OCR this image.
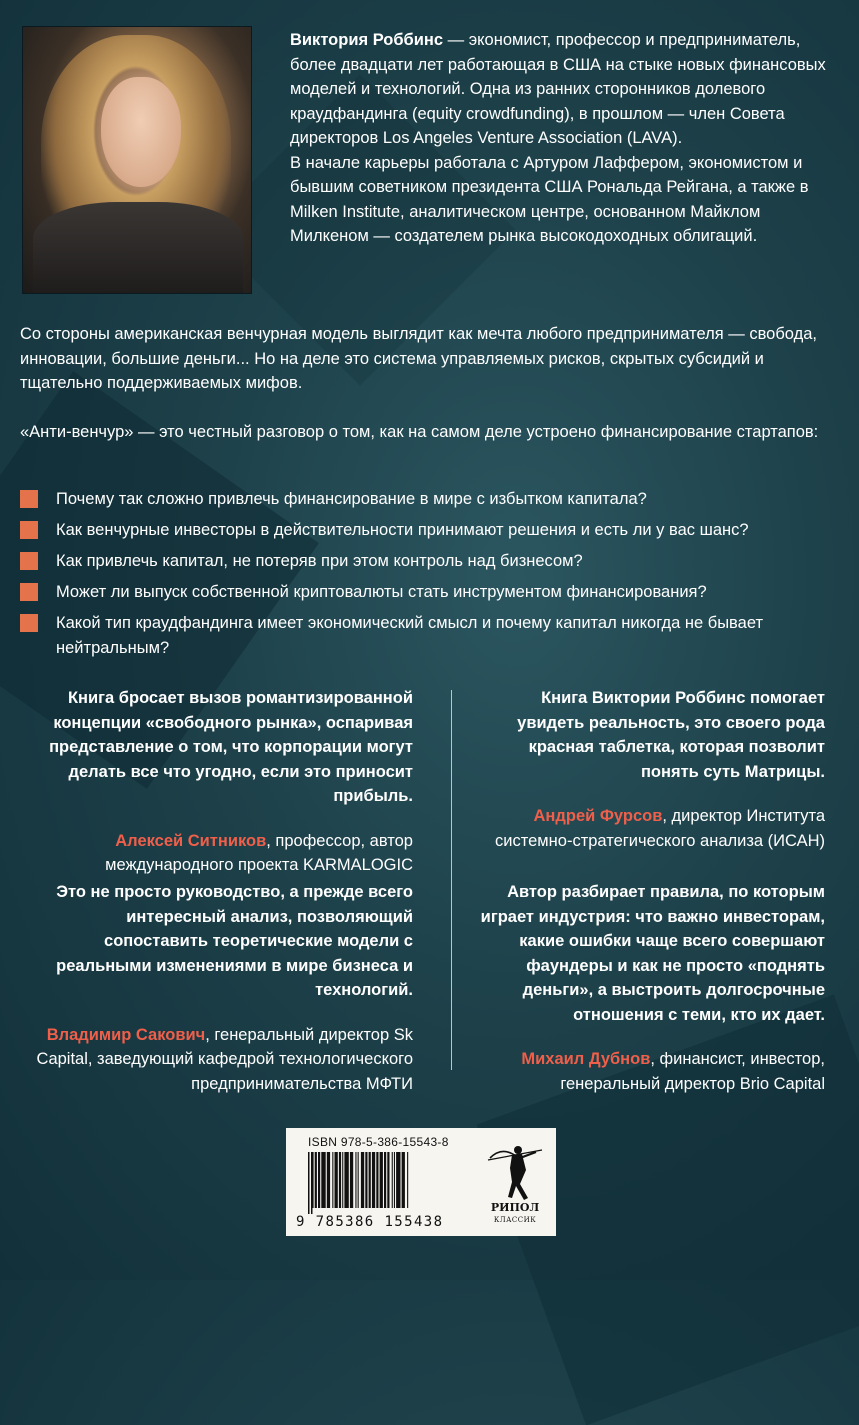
Виктория Роббинс — экономист, профессор и предприниматель, более двадцати лет работающая в США на стыке новых финансовых моделей и технологий. Одна из ранних сторонников долевого краудфандинга (equity crowdfunding), в прошлом — член Совета директоров Los Angeles Venture Association (LAVA).

В начале карьеры работала с Артуром Лаффером, экономистом и бывшим советником президента США Рональда Рейгана, а также в Milken Institute, аналитическом центре, основанном Майклом Милкеном — создателем рынка высокодоходных облигаций.

Со стороны американская венчурная модель выглядит как мечта любого предпринимателя — свобода, инновации, большие деньги... Но на деле это система управляемых рисков, скрытых субсидий и тщательно поддерживаемых мифов.

«Анти-венчур» — это честный разговор о том, как на самом деле устроено финансирование стартапов:

Почему так сложно привлечь финансирование в мире с избытком капитала?
Как венчурные инвесторы в действительности принимают решения и есть ли у вас шанс?
Как привлечь капитал, не потеряв при этом контроль над бизнесом?
Может ли выпуск собственной криптовалюты стать инструментом финансирования?
Какой тип краудфандинга имеет экономический смысл и почему капитал никогда не бывает нейтральным?

Книга бросает вызов романтизированной концепции «свободного рынка», оспаривая представление о том, что корпорации могут делать все что угодно, если это приносит прибыль.

Алексей Ситников, профессор, автор международного проекта KARMALOGIC

Книга Виктории Роббинс помогает увидеть реальность, это своего рода красная таблетка, которая позволит понять суть Матрицы.

Андрей Фурсов, директор Института системно-стратегического анализа (ИСАН)

Это не просто руководство, а прежде всего интересный анализ, позволяющий сопоставить теоретические модели с реальными изменениями в мире бизнеса и технологий.

Владимир Сакович, генеральный директор Sk Capital, заведующий кафедрой технологического предпринимательства МФТИ

Автор разбирает правила, по которым играет индустрия: что важно инвесторам, какие ошибки чаще всего совершают фаундеры и как не просто «поднять деньги», а выстроить долгосрочные отношения с теми, кто их дает.

Михаил Дубнов, финансист, инвестор, генеральный директор Brio Capital

ISBN 978-5-386-15543-8
9 785386 155438
РИПОЛ
КЛАССИК
